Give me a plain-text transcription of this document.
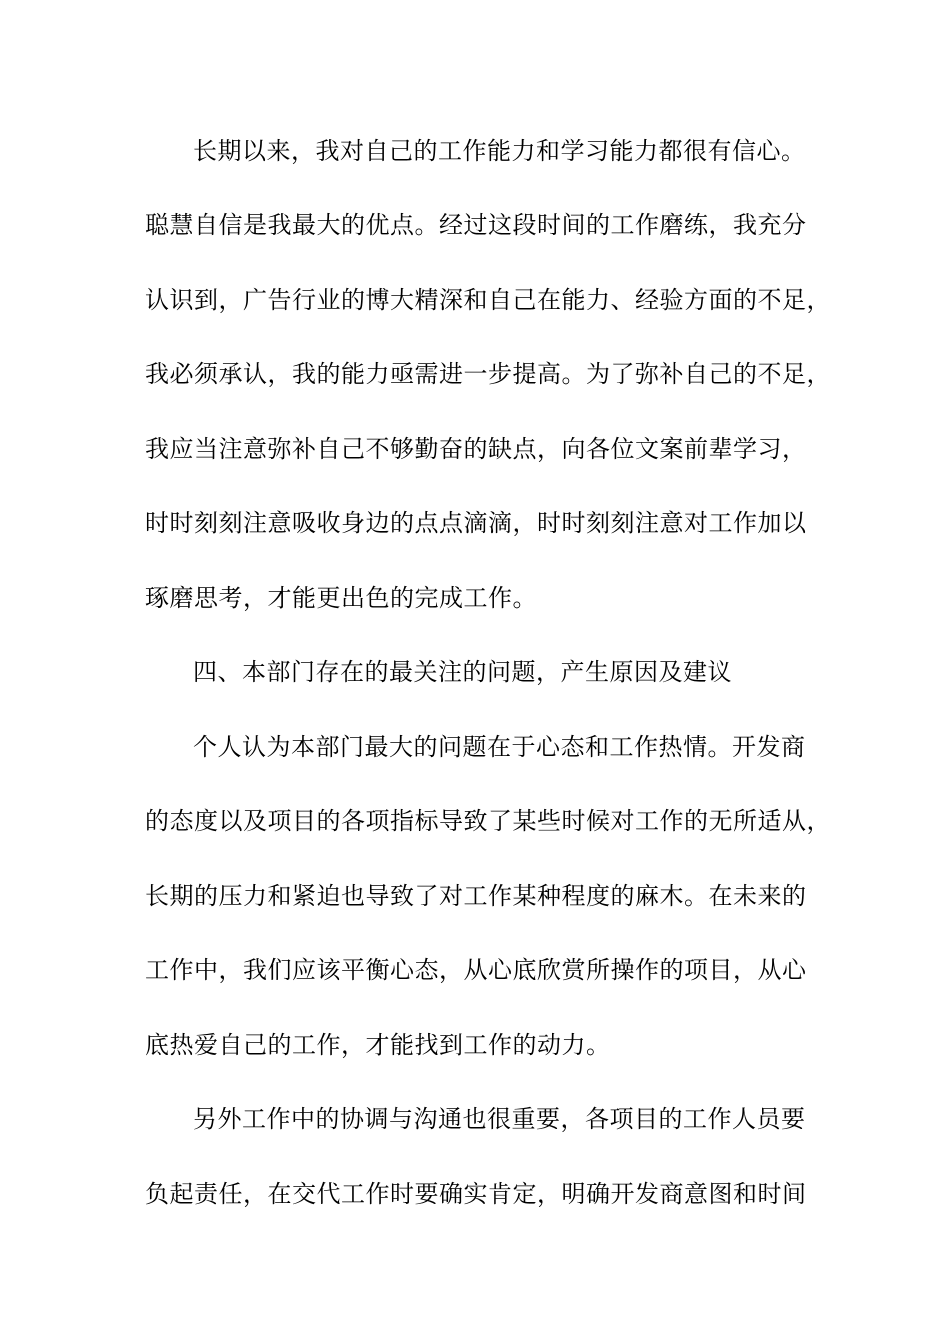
长期以来，我对自己的工作能力和学习能力都很有信心。
聪慧自信是我最大的优点。经过这段时间的工作磨练，我充分
认识到，广告行业的博大精深和自己在能力、经验方面的不足，
我必须承认，我的能力亟需进一步提高。为了弥补自己的不足，
我应当注意弥补自己不够勤奋的缺点，向各位文案前辈学习，
时时刻刻注意吸收身边的点点滴滴，时时刻刻注意对工作加以
琢磨思考，才能更出色的完成工作。
四、本部门存在的最关注的问题，产生原因及建议
个人认为本部门最大的问题在于心态和工作热情。开发商
的态度以及项目的各项指标导致了某些时候对工作的无所适从，
长期的压力和紧迫也导致了对工作某种程度的麻木。在未来的
工作中，我们应该平衡心态，从心底欣赏所操作的项目，从心
底热爱自己的工作，才能找到工作的动力。
另外工作中的协调与沟通也很重要，各项目的工作人员要
负起责任，在交代工作时要确实肯定，明确开发商意图和时间
